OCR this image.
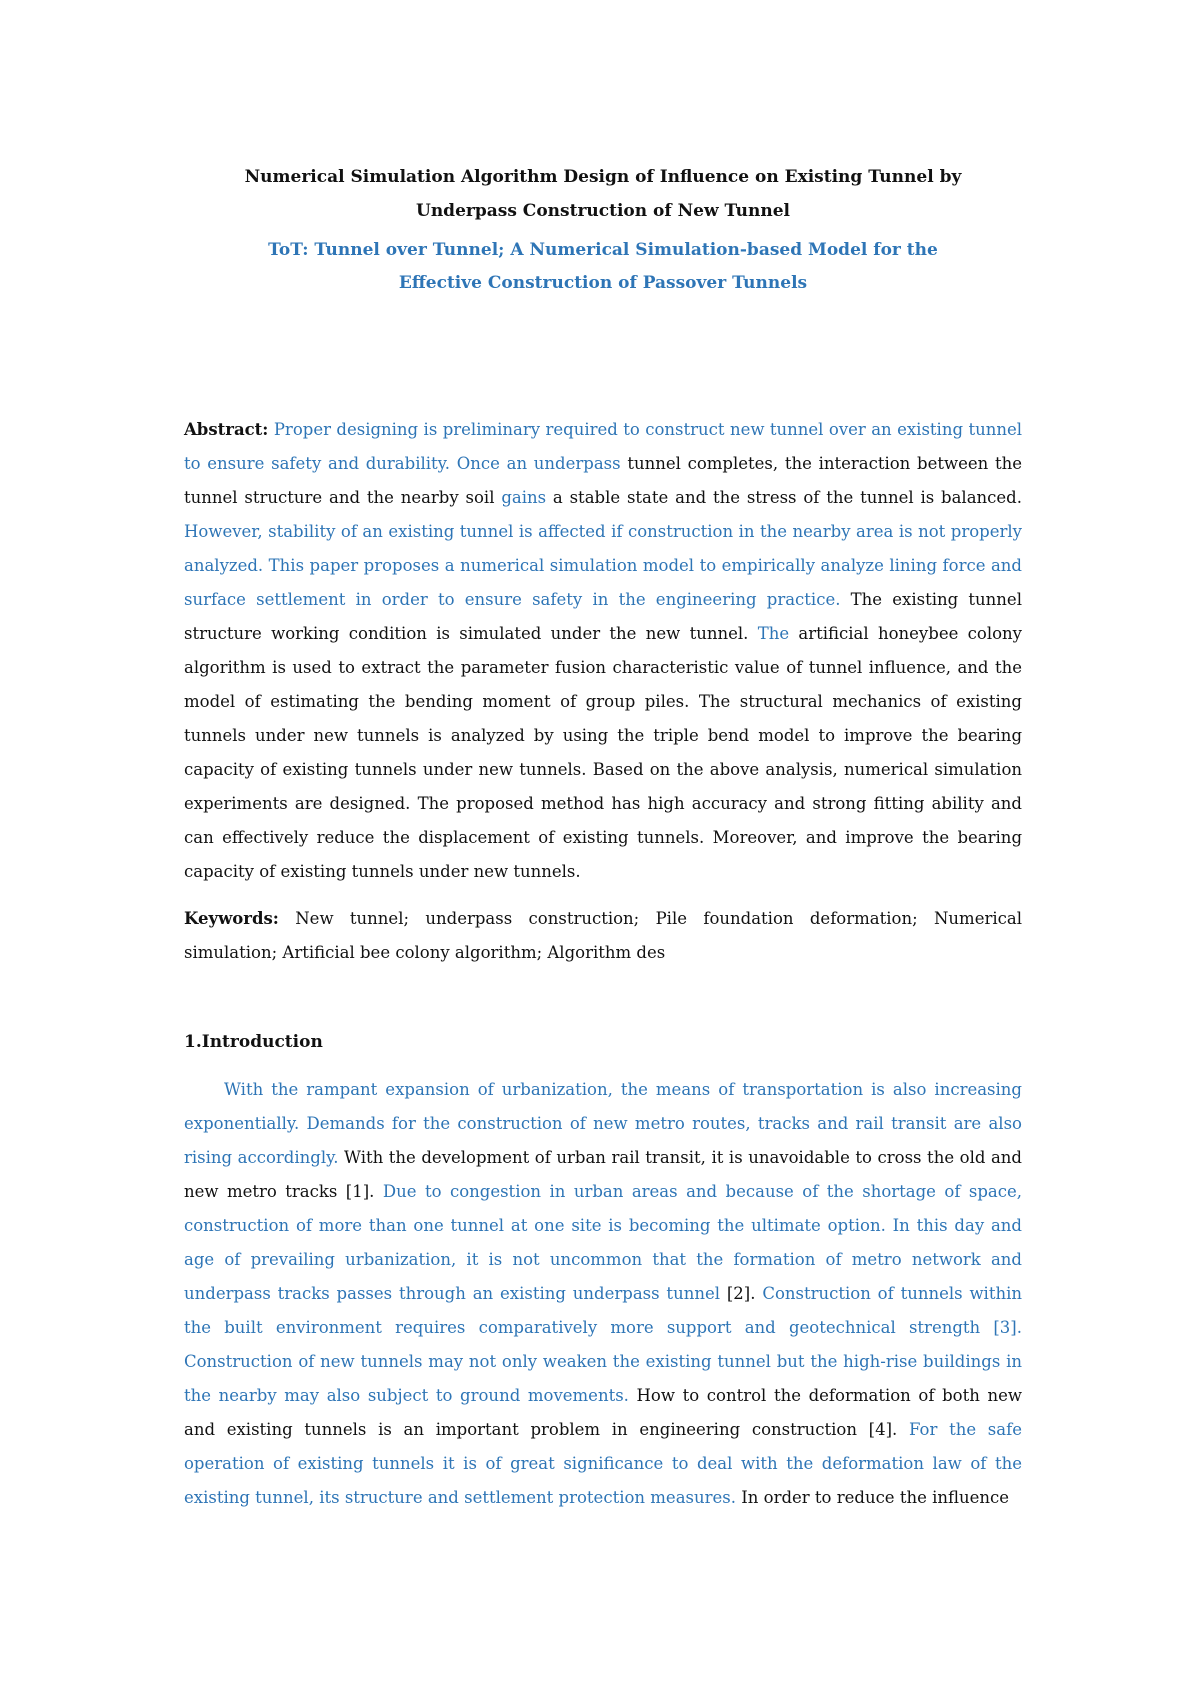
Numerical Simulation Algorithm Design of Influence on Existing Tunnel by Underpass Construction of New Tunnel

ToT: Tunnel over Tunnel; A Numerical Simulation-based Model for the Effective Construction of Passover Tunnels

Abstract: Proper designing is preliminary required to construct new tunnel over an existing tunnel to ensure safety and durability. Once an underpass tunnel completes, the interaction between the tunnel structure and the nearby soil gains a stable state and the stress of the tunnel is balanced. However, stability of an existing tunnel is affected if construction in the nearby area is not properly analyzed. This paper proposes a numerical simulation model to empirically analyze lining force and surface settlement in order to ensure safety in the engineering practice. The existing tunnel structure working condition is simulated under the new tunnel. The artificial honeybee colony algorithm is used to extract the parameter fusion characteristic value of tunnel influence, and the model of estimating the bending moment of group piles. The structural mechanics of existing tunnels under new tunnels is analyzed by using the triple bend model to improve the bearing capacity of existing tunnels under new tunnels. Based on the above analysis, numerical simulation experiments are designed. The proposed method has high accuracy and strong fitting ability and can effectively reduce the displacement of existing tunnels. Moreover, and improve the bearing capacity of existing tunnels under new tunnels.

Keywords: New tunnel; underpass construction; Pile foundation deformation; Numerical simulation; Artificial bee colony algorithm; Algorithm des

1.Introduction

With the rampant expansion of urbanization, the means of transportation is also increasing exponentially. Demands for the construction of new metro routes, tracks and rail transit are also rising accordingly. With the development of urban rail transit, it is unavoidable to cross the old and new metro tracks [1]. Due to congestion in urban areas and because of the shortage of space, construction of more than one tunnel at one site is becoming the ultimate option. In this day and age of prevailing urbanization, it is not uncommon that the formation of metro network and underpass tracks passes through an existing underpass tunnel [2]. Construction of tunnels within the built environment requires comparatively more support and geotechnical strength [3]. Construction of new tunnels may not only weaken the existing tunnel but the high-rise buildings in the nearby may also subject to ground movements. How to control the deformation of both new and existing tunnels is an important problem in engineering construction [4]. For the safe operation of existing tunnels it is of great significance to deal with the deformation law of the existing tunnel, its structure and settlement protection measures. In order to reduce the influence
